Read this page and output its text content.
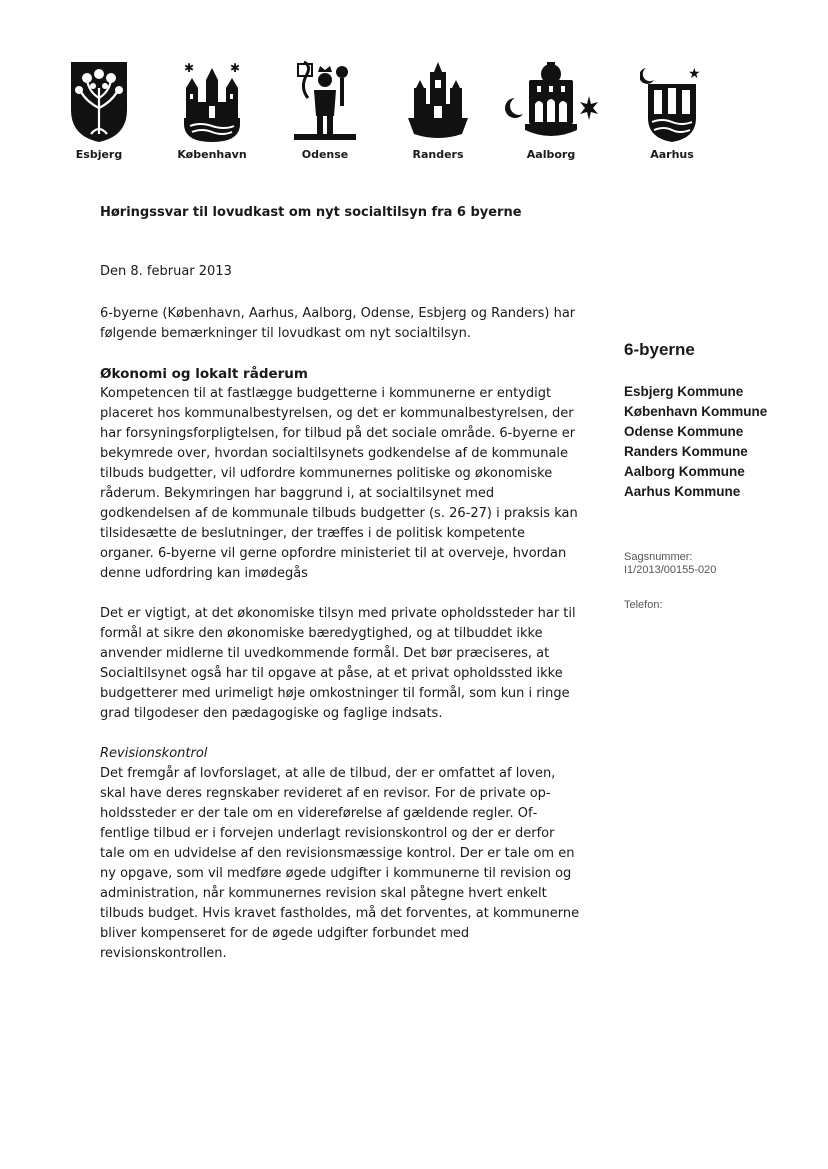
Esbjerg
✱	✱
København	Odense	Randers	Aalborg
★
Aarhus
Høringssvar til lovudkast om nyt socialtilsyn fra 6 byerne

Den 8. februar 2013

6-byerne (København, Aarhus, Aalborg, Odense, Esbjerg og Randers) har følgende bemærkninger til lovudkast om nyt socialtilsyn.

Økonomi og lokalt råderum

Kompetencen til at fastlægge budgetterne i kommunerne er entydigt placeret hos kommunalbestyrelsen, og det er kommunalbestyrelsen, der har forsyningsforpligtelsen, for tilbud på det sociale område. 6-byerne er bekymrede over, hvordan socialtilsynets godkendelse af de kommunale tilbuds budgetter, vil udfordre kommunernes politiske og økonomiske råderum. Bekymringen har baggrund i, at socialtilsynet med godkendelsen af de kommunale tilbuds budgetter (s. 26-27) i praksis kan tilsidesætte de beslutninger, der træffes i de politisk kompetente organer. 6-byerne vil gerne opfordre ministeriet til at overveje, hvordan denne udfordring kan imødegås

Det er vigtigt, at det økonomiske tilsyn med private opholdssteder har til formål at sikre den økonomiske bæredygtighed, og at tilbuddet ikke anvender midlerne til uvedkommende formål. Det bør præciseres, at Socialtilsynet også har til opgave at påse, at et privat opholdssted ikke budgetterer med urimeligt høje omkostninger til formål, som kun i ringe grad tilgodeser den pædagogiske og faglige indsats.

Revisionskontrol

Det fremgår af lovforslaget, at alle de tilbud, der er omfattet af loven, skal have deres regnskaber revideret af en revisor. For de private opholdssteder er der tale om en videreførelse af gældende regler. Offentlige tilbud er i forvejen underlagt revisionskontrol og der er derfor tale om en udvidelse af den revisionsmæssige kontrol. Der er tale om en ny opgave, som vil medføre øgede udgifter i kommunerne til revision og administration, når kommunernes revision skal påtegne hvert enkelt tilbuds budget. Hvis kravet fastholdes, må det forventes, at kommunerne bliver kompenseret for de øgede udgifter forbundet med revisionskontrollen.

6-byerne
Esbjerg Kommune
København Kommune
Odense Kommune
Randers Kommune
Aalborg Kommune
Aarhus Kommune
Sagsnummer:
I1/2013/00155-020
Telefon:
